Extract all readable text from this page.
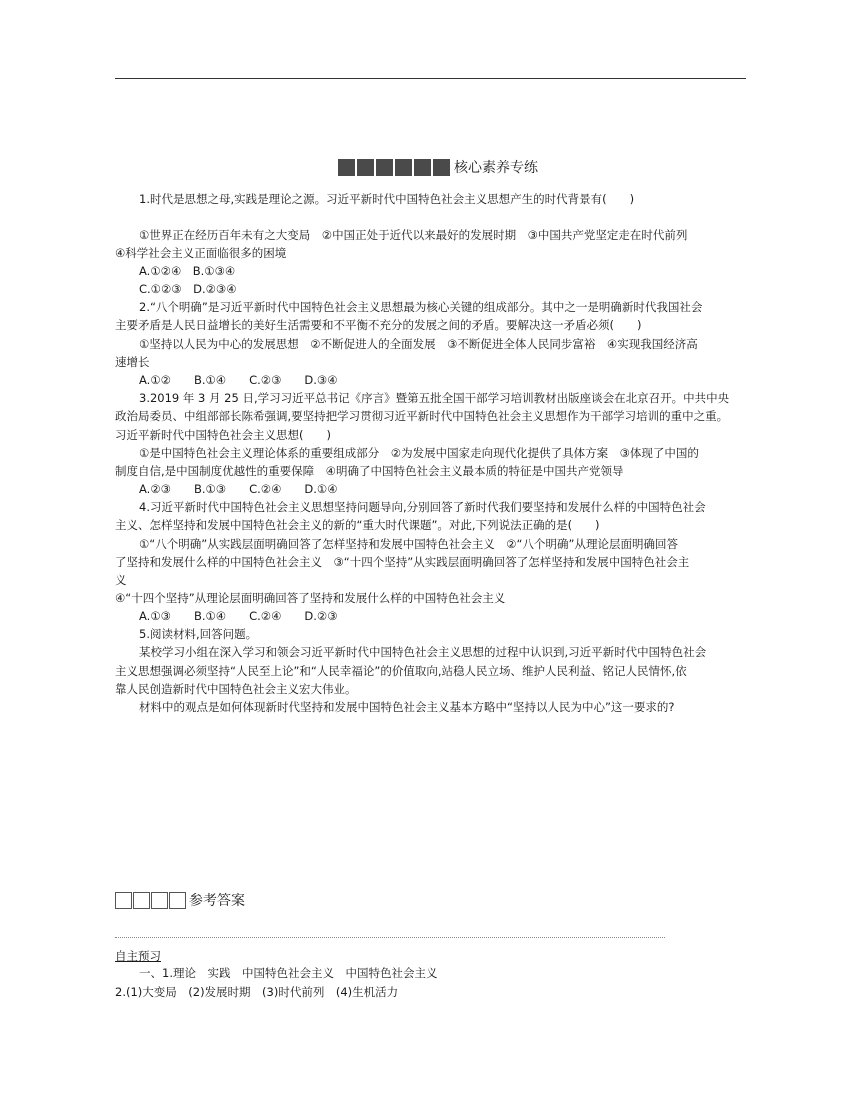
核心素养专练
1.时代是思想之母,实践是理论之源。习近平新时代中国特色社会主义思想产生的时代背景有(　　)
①世界正在经历百年未有之大变局　②中国正处于近代以来最好的发展时期　③中国共产党坚定走在时代前列
④科学社会主义正面临很多的困境
A.①②④　B.①③④
C.①②③　D.②③④
2.“八个明确”是习近平新时代中国特色社会主义思想最为核心关键的组成部分。其中之一是明确新时代我国社会
主要矛盾是人民日益增长的美好生活需要和不平衡不充分的发展之间的矛盾。要解决这一矛盾必须(　　)
①坚持以人民为中心的发展思想　②不断促进人的全面发展　③不断促进全体人民同步富裕　④实现我国经济高
速增长
A.①②　　B.①④　　C.②③　　D.③④
3.2019 年 3 月 25 日,学习习近平总书记《序言》暨第五批全国干部学习培训教材出版座谈会在北京召开。中共中央
政治局委员、中组部部长陈希强调,要坚持把学习贯彻习近平新时代中国特色社会主义思想作为干部学习培训的重中之重。
习近平新时代中国特色社会主义思想(　　)
①是中国特色社会主义理论体系的重要组成部分　②为发展中国家走向现代化提供了具体方案　③体现了中国的
制度自信,是中国制度优越性的重要保障　④明确了中国特色社会主义最本质的特征是中国共产党领导
A.②③　　B.①③　　C.②④　　D.①④
4.习近平新时代中国特色社会主义思想坚持问题导向,分别回答了新时代我们要坚持和发展什么样的中国特色社会
主义、怎样坚持和发展中国特色社会主义的新的“重大时代课题”。对此,下列说法正确的是(　　)
①“八个明确”从实践层面明确回答了怎样坚持和发展中国特色社会主义　②“八个明确”从理论层面明确回答
了坚持和发展什么样的中国特色社会主义　③“十四个坚持”从实践层面明确回答了怎样坚持和发展中国特色社会主
义
④“十四个坚持”从理论层面明确回答了坚持和发展什么样的中国特色社会主义
A.①③　　B.①④　　C.②④　　D.②③
5.阅读材料,回答问题。
某校学习小组在深入学习和领会习近平新时代中国特色社会主义思想的过程中认识到,习近平新时代中国特色社会
主义思想强调必须坚持“人民至上论”和“人民幸福论”的价值取向,站稳人民立场、维护人民利益、铭记人民情怀,依
靠人民创造新时代中国特色社会主义宏大伟业。
材料中的观点是如何体现新时代坚持和发展中国特色社会主义基本方略中“坚持以人民为中心”这一要求的?
参考答案
自主预习
一、1.理论　实践　中国特色社会主义　中国特色社会主义
2.(1)大变局　(2)发展时期　(3)时代前列　(4)生机活力
